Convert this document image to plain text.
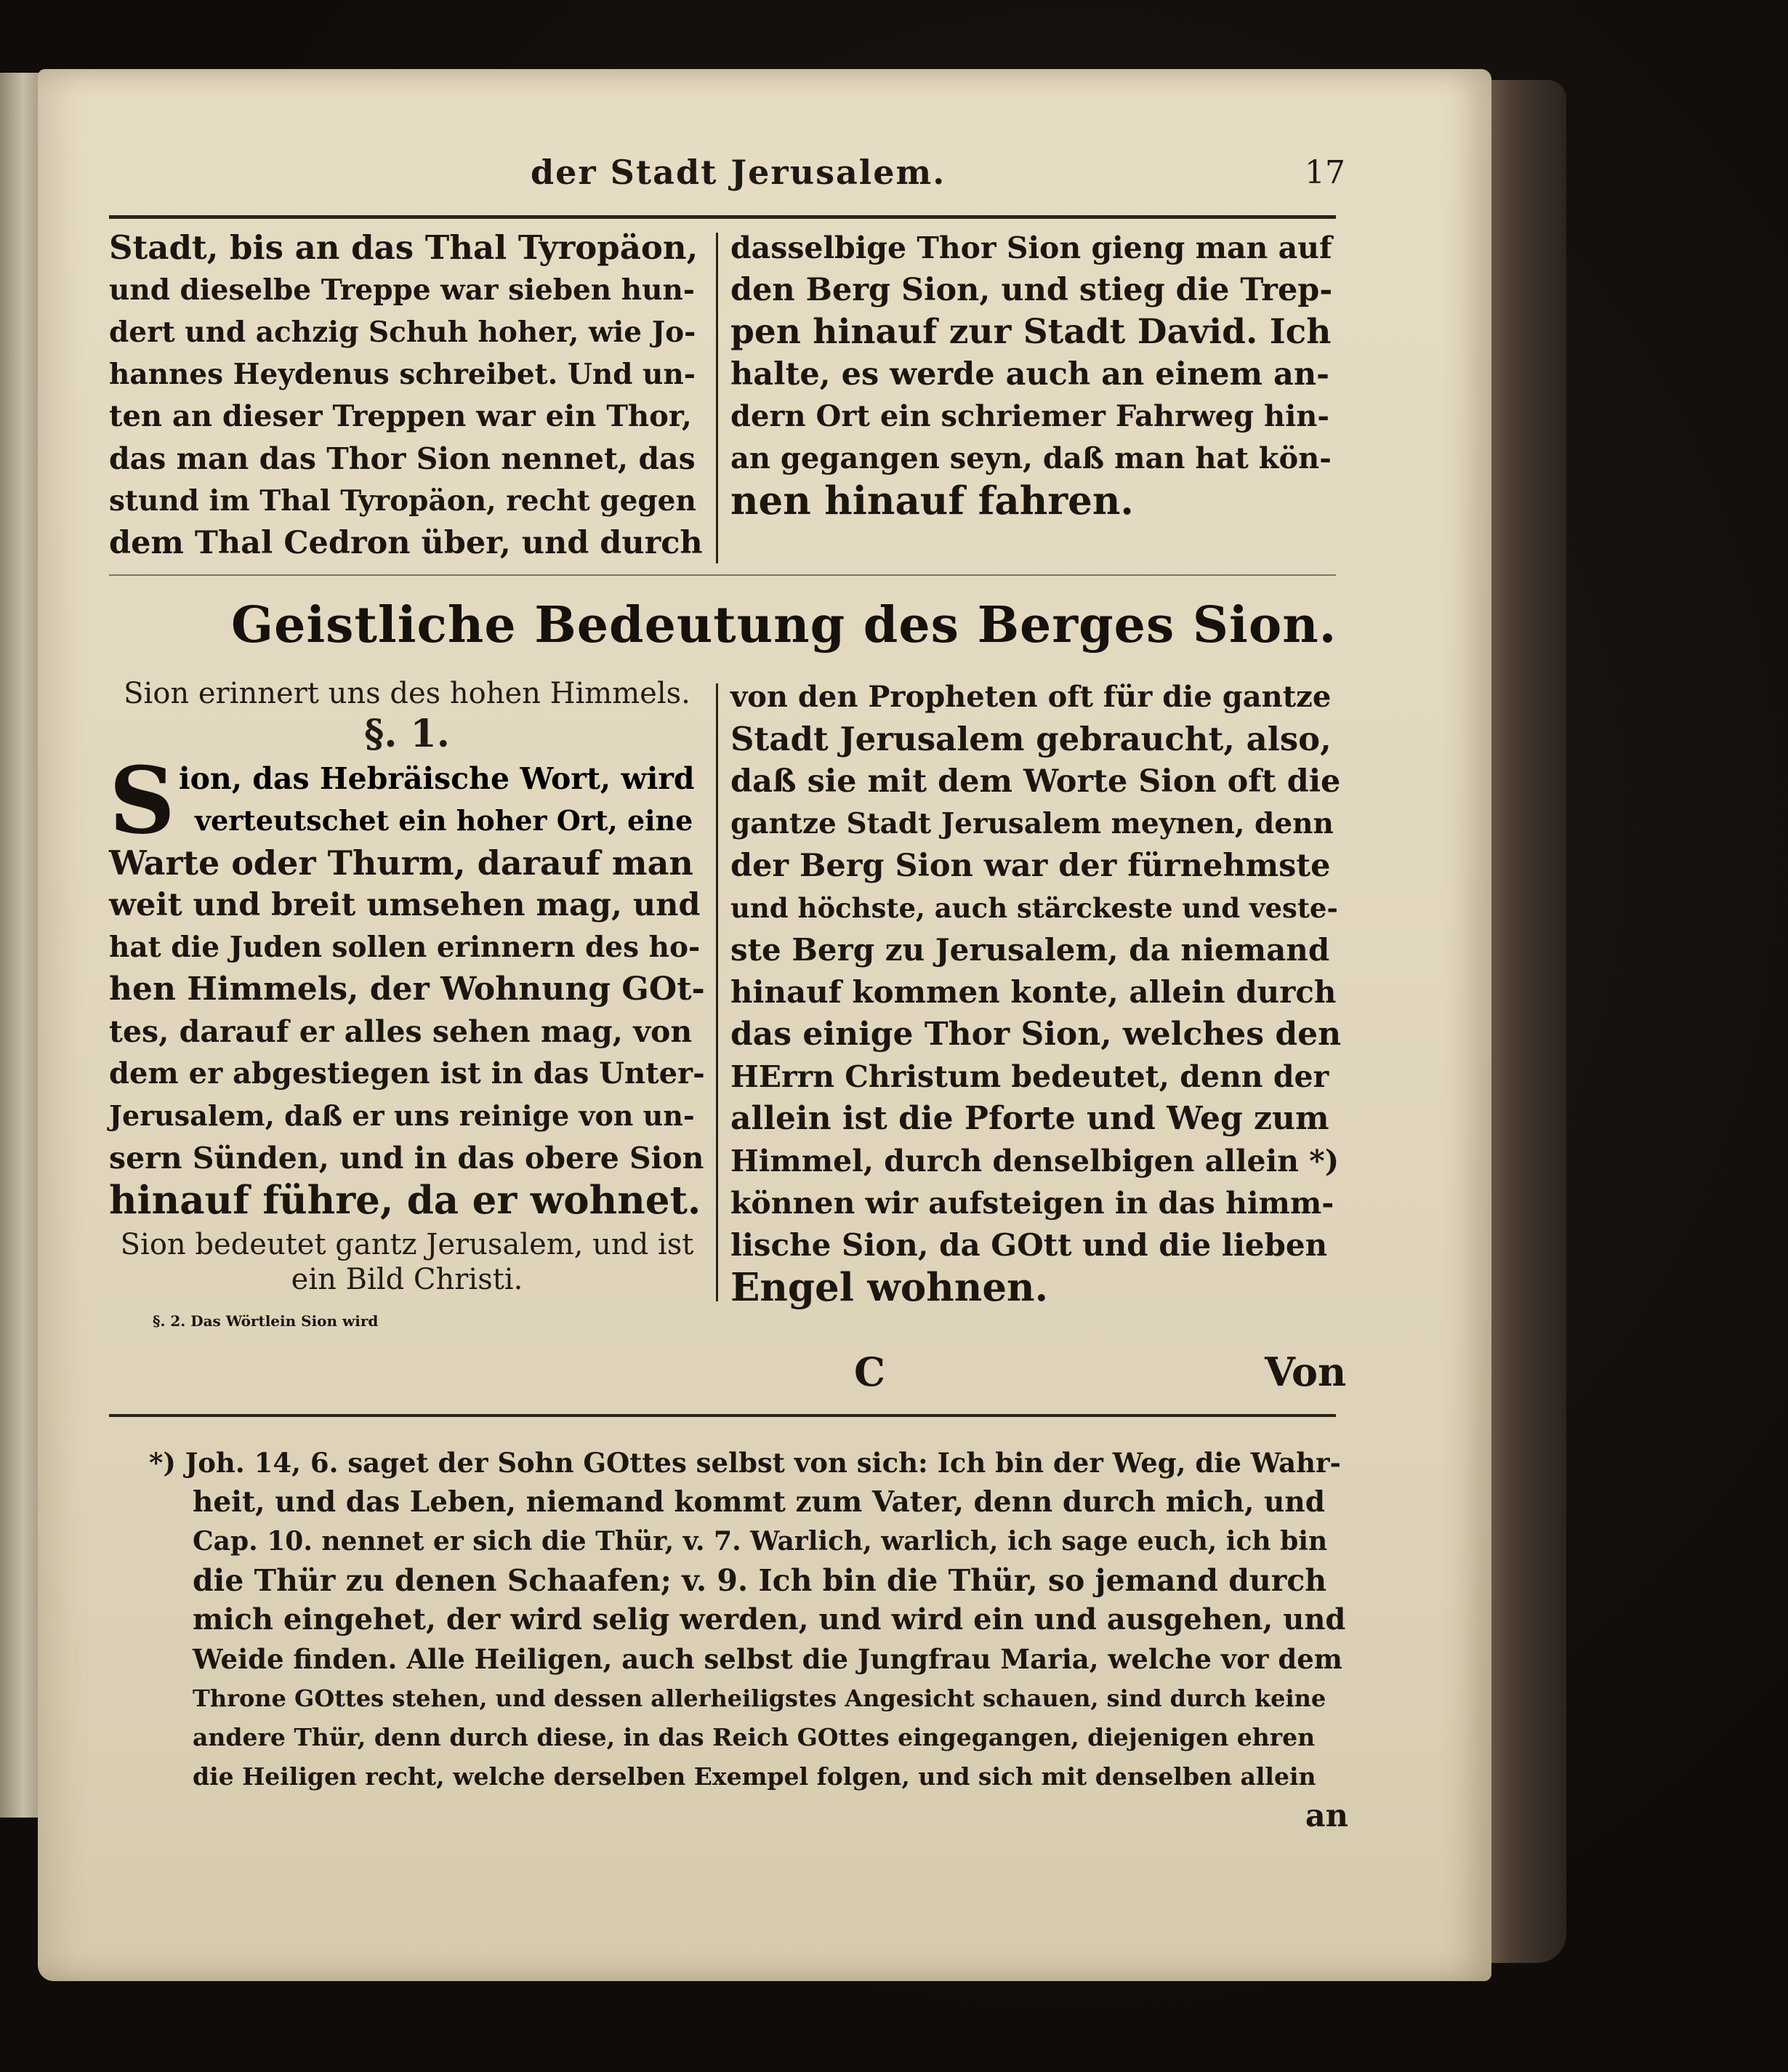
der Stadt Jerusalem.	17
Stadt, bis an das Thal Tyropäon,
und dieselbe Treppe war sieben hun-
dert und achzig Schuh hoher, wie Jo-
hannes Heydenus schreibet. Und un-
ten an dieser Treppen war ein Thor,
das man das Thor Sion nennet, das
stund im Thal Tyropäon, recht gegen
dem Thal Cedron über, und durch
dasselbige Thor Sion gieng man auf
den Berg Sion, und stieg die Trep-
pen hinauf zur Stadt David. Ich
halte, es werde auch an einem an-
dern Ort ein schriemer Fahrweg hin-
an gegangen seyn, daß man hat kön-
nen hinauf fahren.
Geistliche Bedeutung des Berges Sion.
Sion erinnert uns des hohen Himmels.
§. 1.
S ion, das Hebräische Wort, wird
verteutschet ein hoher Ort, eine
Warte oder Thurm, darauf man
weit und breit umsehen mag, und
hat die Juden sollen erinnern des ho-
hen Himmels, der Wohnung GOt-
tes, darauf er alles sehen mag, von
dem er abgestiegen ist in das Unter-
Jerusalem, daß er uns reinige von un-
sern Sünden, und in das obere Sion
hinauf führe, da er wohnet.
Sion bedeutet gantz Jerusalem, und ist
ein Bild Christi.
§. 2. Das Wörtlein Sion wird
von den Propheten oft für die gantze
Stadt Jerusalem gebraucht, also,
daß sie mit dem Worte Sion oft die
gantze Stadt Jerusalem meynen, denn
der Berg Sion war der fürnehmste
und höchste, auch stärckeste und veste-
ste Berg zu Jerusalem, da niemand
hinauf kommen konte, allein durch
das einige Thor Sion, welches den
HErrn Christum bedeutet, denn der
allein ist die Pforte und Weg zum
Himmel, durch denselbigen allein *)
können wir aufsteigen in das himm-
lische Sion, da GOtt und die lieben
Engel wohnen.
C	Von
*) Joh. 14, 6. saget der Sohn GOttes selbst von sich: Ich bin der Weg, die Wahr-
heit, und das Leben, niemand kommt zum Vater, denn durch mich, und
Cap. 10. nennet er sich die Thür, v. 7. Warlich, warlich, ich sage euch, ich bin
die Thür zu denen Schaafen; v. 9. Ich bin die Thür, so jemand durch
mich eingehet, der wird selig werden, und wird ein und ausgehen, und
Weide finden. Alle Heiligen, auch selbst die Jungfrau Maria, welche vor dem
Throne GOttes stehen, und dessen allerheiligstes Angesicht schauen, sind durch keine
andere Thür, denn durch diese, in das Reich GOttes eingegangen, diejenigen ehren
die Heiligen recht, welche derselben Exempel folgen, und sich mit denselben allein
an
